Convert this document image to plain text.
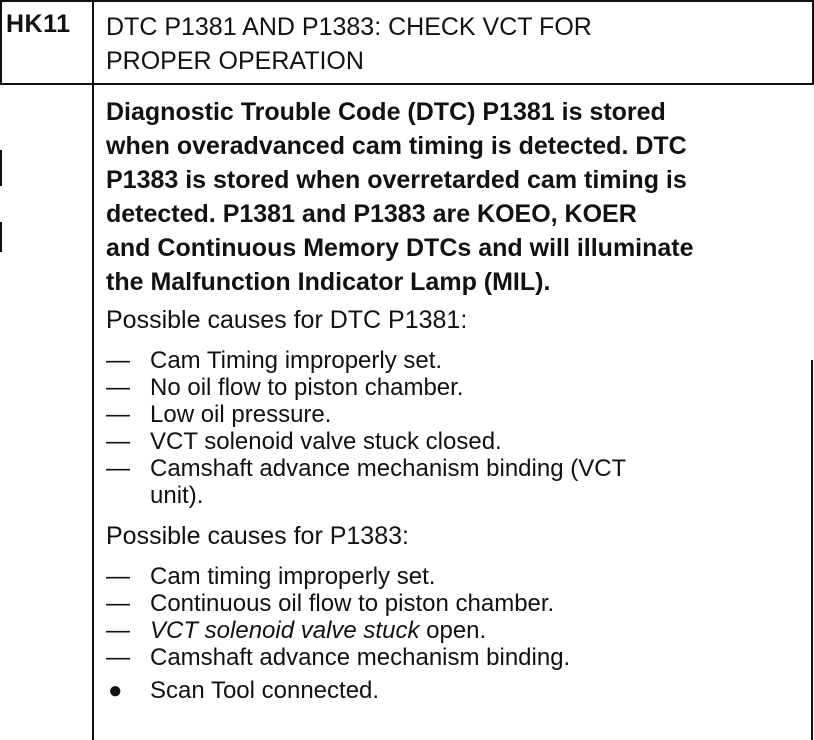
HK11 DTC P1381 AND P1383: CHECK VCT FOR
PROPER OPERATION
Diagnostic Trouble Code (DTC) P1381 is stored
when overadvanced cam timing is detected. DTC
P1383 is stored when overretarded cam timing is
detected. P1381 and P1383 are KOEO, KOER
and Continuous Memory DTCs and will illuminate
the Malfunction Indicator Lamp (MIL).
Possible causes for DTC P1381:
— Cam Timing improperly set.
— No oil flow to piston chamber.
— Low oil pressure.
— VCT solenoid valve stuck closed.
— Camshaft advance mechanism binding (VCT
unit).
Possible causes for P1383:
— Cam timing improperly set.
— Continuous oil flow to piston chamber.
— VCT solenoid valve stuck open.
— Camshaft advance mechanism binding.
● Scan Tool connected.
